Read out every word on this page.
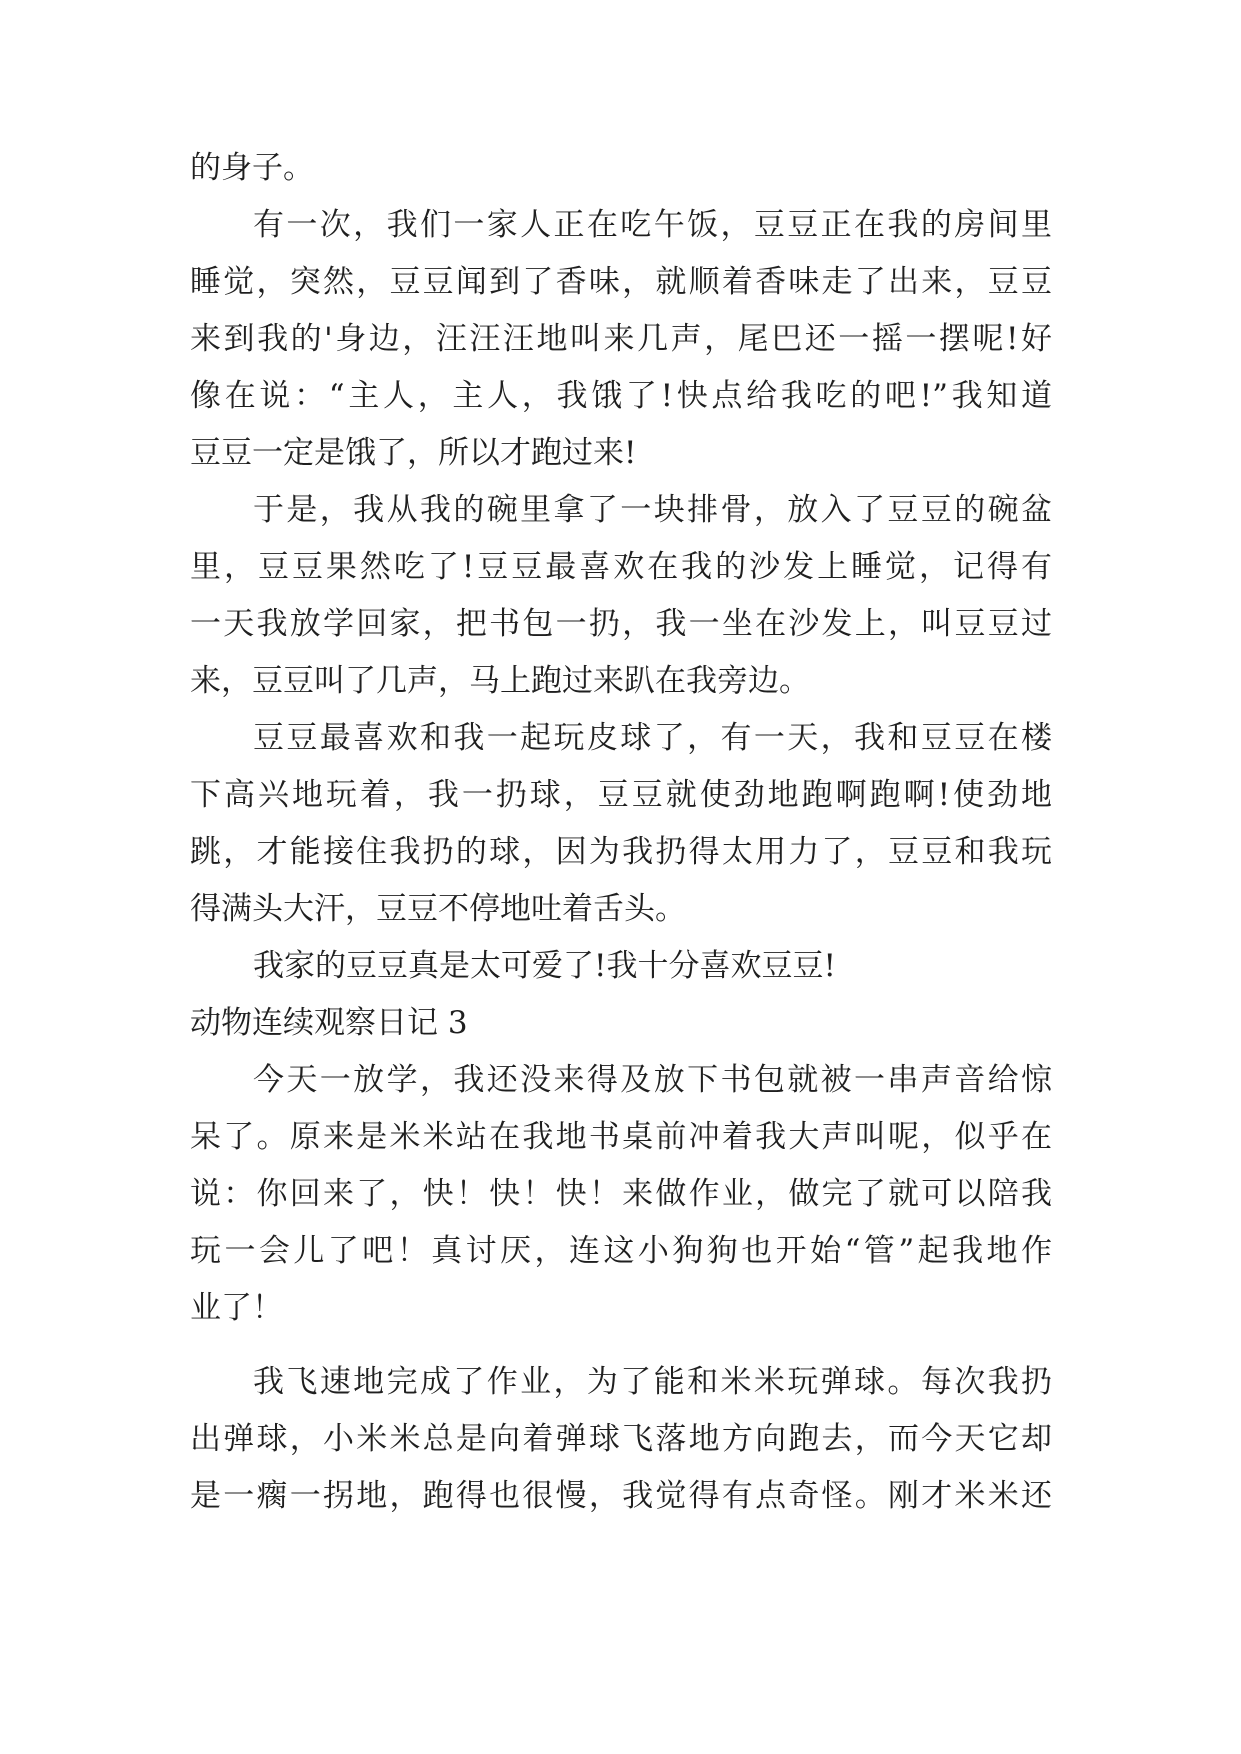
的身子。

有一次，我们一家人正在吃午饭，豆豆正在我的房间里

睡觉，突然，豆豆闻到了香味，就顺着香味走了出来，豆豆

来到我的'身边，汪汪汪地叫来几声，尾巴还一摇一摆呢!好

像在说：“主人，主人，我饿了!快点给我吃的吧!”我知道

豆豆一定是饿了，所以才跑过来!

于是，我从我的碗里拿了一块排骨，放入了豆豆的碗盆

里，豆豆果然吃了!豆豆最喜欢在我的沙发上睡觉，记得有

一天我放学回家，把书包一扔，我一坐在沙发上，叫豆豆过

来，豆豆叫了几声，马上跑过来趴在我旁边。

豆豆最喜欢和我一起玩皮球了，有一天，我和豆豆在楼

下高兴地玩着，我一扔球，豆豆就使劲地跑啊跑啊!使劲地

跳，才能接住我扔的球，因为我扔得太用力了，豆豆和我玩

得满头大汗，豆豆不停地吐着舌头。

我家的豆豆真是太可爱了!我十分喜欢豆豆!

动物连续观察日记 3

今天一放学，我还没来得及放下书包就被一串声音给惊

呆了。原来是米米站在我地书桌前冲着我大声叫呢，似乎在

说：你回来了，快！快！快！来做作业，做完了就可以陪我

玩一会儿了吧！真讨厌，连这小狗狗也开始“管”起我地作

业了！

我飞速地完成了作业，为了能和米米玩弹球。每次我扔

出弹球，小米米总是向着弹球飞落地方向跑去，而今天它却

是一瘸一拐地，跑得也很慢，我觉得有点奇怪。刚才米米还
